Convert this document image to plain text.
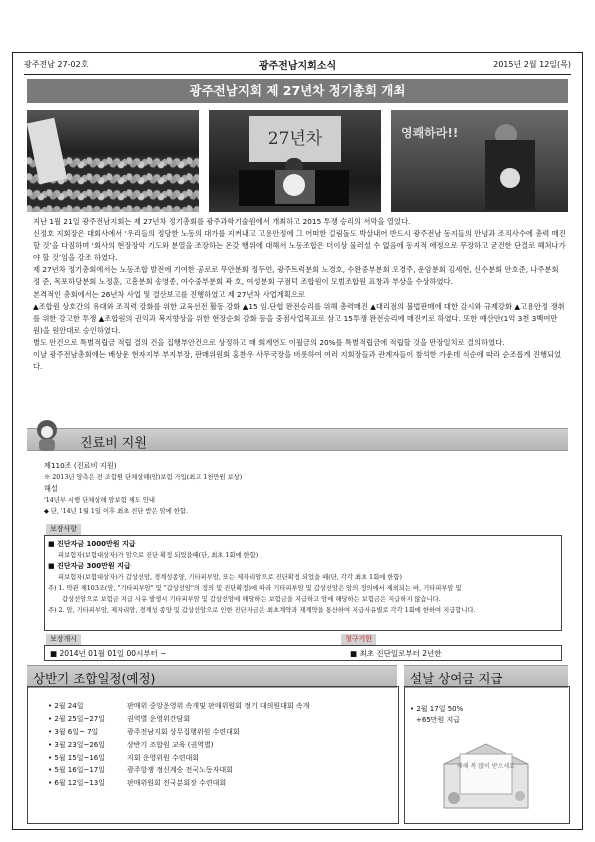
광주전남 27-02호	광주전남지회소식	2015년 2월 12일(목)
광주전남지회 제 27년차 정기총회 개최
27년차	영쾌하라!!

지난 1월 21일 광주전남지회는 제 27년차 정기총회를 광주과학기술원에서 개최하고 2015 투쟁 승리의 서막을 열었다.

신정호 지회장은 대회사에서 ‘우리들의 정당한 노동의 대가를 지켜내고 고용안정에 그 어떠한 걸림돌도 박살내어 반드시 광주전남 동지들의 안녕과 조직사수에 총력 매진할 것’을 다짐하며 ‘회사의 현장장악 기도와 분열을 조장하는 온갖 행위에 대해서 노동조합은 더이상 물러설 수 없음에 동지적 애정으로 무장하고 굳건한 단결로 헤쳐나가야 할 것’임을 강조 하였다.

제 27년차 정기총회에서는 노동조합 발전에 기여한 공로로 무안분회 정두언, 광주트럭분회 노경호, 수완중부분회 오경주, 운암분회 김세현, 신수분회 안호준, 나주분회 정 준, 목포하당분회 노정훈, 고흥분회 송영종, 여수중부분회 곽 호, 여성분회 구점덕 조합원이 모범조합원 표창과 부상을 수상하였다.

본격적인 총회에서는 26년차 사업 및 결산보고를 진행하였고 제 27년차 사업계획으로

▲조합원 상호간의 유대와 조직력 강화를 위한 교육선전 활동 강화 ▲15 임.단협 완전승리를 위해 총력매진 ▲대리점의 불법판매에 대한 감시와 규제강화 ▲고용안정 쟁취를 위한 강고한 투쟁 ▲조합원의 권익과 복지향상을 위한 현장순회 강화 등을 중점사업목표로 삼고 15투쟁 완전승리에 매진키로 하였다. 또한 예산안(1억 3천 3백여만원)을 원안대로 승인하였다.

별도 안건으로 특별적립금 적립 결의 건을 집행부안건으로 상정하고 매 회계연도 이월금의 20%를 특별적립금에 적립할 것을 만장일치로 결의하였다.

이날 광주전남총회에는 배상운 현자지부 부지부장, 판매위원회 홍찬우 사무국장을 비롯하여 여러 지회장들과 관계자들이 참석한 가운데 식순에 따라 순조롭게 진행되었다.

진료비 지원

제110조 (진료비 지원)

※ 2013년 양측은 전 조합원 단체상해(암)보험 가입(최고 1천만원 보상)

해설

'14년부 시행 단체상해 암보험 제도 안내

◆ 단, '14년 1월 1일 이후 최초 진단 받은 암에 한함.

보장사항

■ 진단자금 1000만원 지급

피보험자(보험대상자)가 암으로 진단 확정 되었을때(단, 최초 1회에 한함)

■ 진단자금 300만원 지급

피보험자(보험대상자)가 갑상선암, 경계성종양, 기타피부암, 또는 제자리암으로 진단확정 되었을 때(단, 각각 최초 1회에 한함)

주) 1. 약관 제103조(암, "기타피부암" 및 "갑상선암"의 정의 및 진단확정)에 따라 기타피부암 및 갑상선암은 암의 정의에서 제외되는 바, 기타피부암 및

갑상선암으로 보험금 지급 사유 발생시 기타피부암 및 갑상선암에 해당하는 보험금을 지급하고 암에 해당하는 보험금은 지급하지 않습니다.

주) 2. 암, 기타피부암, 제자리암, 경계성 종양 및 갑상선암으로 인한 진단자금은 최초계약과 재계약을 통산하여 지급사유별로 각각 1회에 한하여 지급합니다.

보장개시	청구기한
■ 2014년 01월 01일 00시부터 ~	■ 최초 진단일로부터 2년한
상반기 조합일정(예정)
• 2월 24일	판매위 중앙운영위 속개및 판매위원회 정기 대의원대회 속개
• 2월 25일~27일	권역별 운영위간담회
• 3월 6일~ 7일	광주전남지회 상무집행위원 수련대회
• 3월 23일~26일	상반기 조합원 교육 (권역별)
• 5월 15일~16일	지회 운영위원 수련대회
• 5월 16일~17일	광주항쟁 정신계승 전국노동자대회
• 6월 12일~13일	판매위원회 전국분회장 수련대회
설날 상여금 지급
• 2월 17일 50%
+65만원 지급
새해 복 많이 받으세요
